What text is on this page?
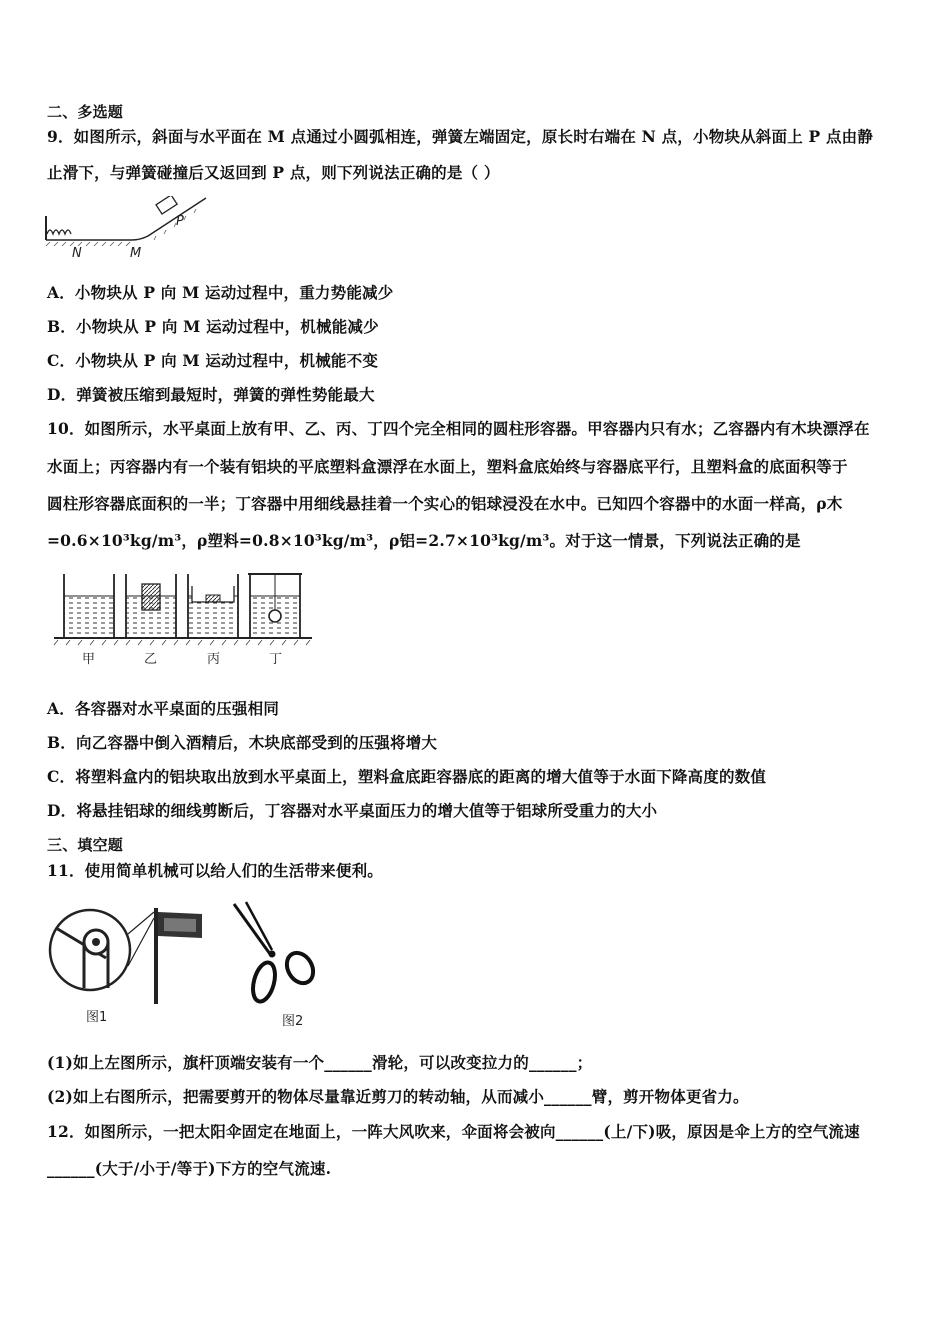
二、多选题
9．如图所示，斜面与水平面在 M 点通过小圆弧相连，弹簧左端固定，原长时右端在 N 点，小物块从斜面上 P 点由静
止滑下，与弹簧碰撞后又返回到 P 点，则下列说法正确的是（ ）
P
N	M
A．小物块从 P 向 M 运动过程中，重力势能减少
B．小物块从 P 向 M 运动过程中，机械能减少
C．小物块从 P 向 M 运动过程中，机械能不变
D．弹簧被压缩到最短时，弹簧的弹性势能最大
10．如图所示，水平桌面上放有甲、乙、丙、丁四个完全相同的圆柱形容器。甲容器内只有水；乙容器内有木块漂浮在
水面上；丙容器内有一个装有铝块的平底塑料盒漂浮在水面上，塑料盒底始终与容器底平行，且塑料盒的底面积等于
圆柱形容器底面积的一半；丁容器中用细线悬挂着一个实心的铝球浸没在水中。已知四个容器中的水面一样高，ρ木
=0.6×10³kg/m³，ρ塑料=0.8×10³kg/m³，ρ铝=2.7×10³kg/m³。对于这一情景，下列说法正确的是
甲	乙	丙	丁
A．各容器对水平桌面的压强相同
B．向乙容器中倒入酒精后，木块底部受到的压强将增大
C．将塑料盒内的铝块取出放到水平桌面上，塑料盒底距容器底的距离的增大值等于水面下降高度的数值
D．将悬挂铝球的细线剪断后，丁容器对水平桌面压力的增大值等于铝球所受重力的大小
三、填空题
11．使用简单机械可以给人们的生活带来便利。
图1	图2
(1)如上左图所示，旗杆顶端安装有一个______滑轮，可以改变拉力的______；
(2)如上右图所示，把需要剪开的物体尽量靠近剪刀的转动轴，从而减小______臂，剪开物体更省力。
12．如图所示，一把太阳伞固定在地面上，一阵大风吹来，伞面将会被向______(上/下)吸，原因是伞上方的空气流速
______(大于/小于/等于)下方的空气流速.
